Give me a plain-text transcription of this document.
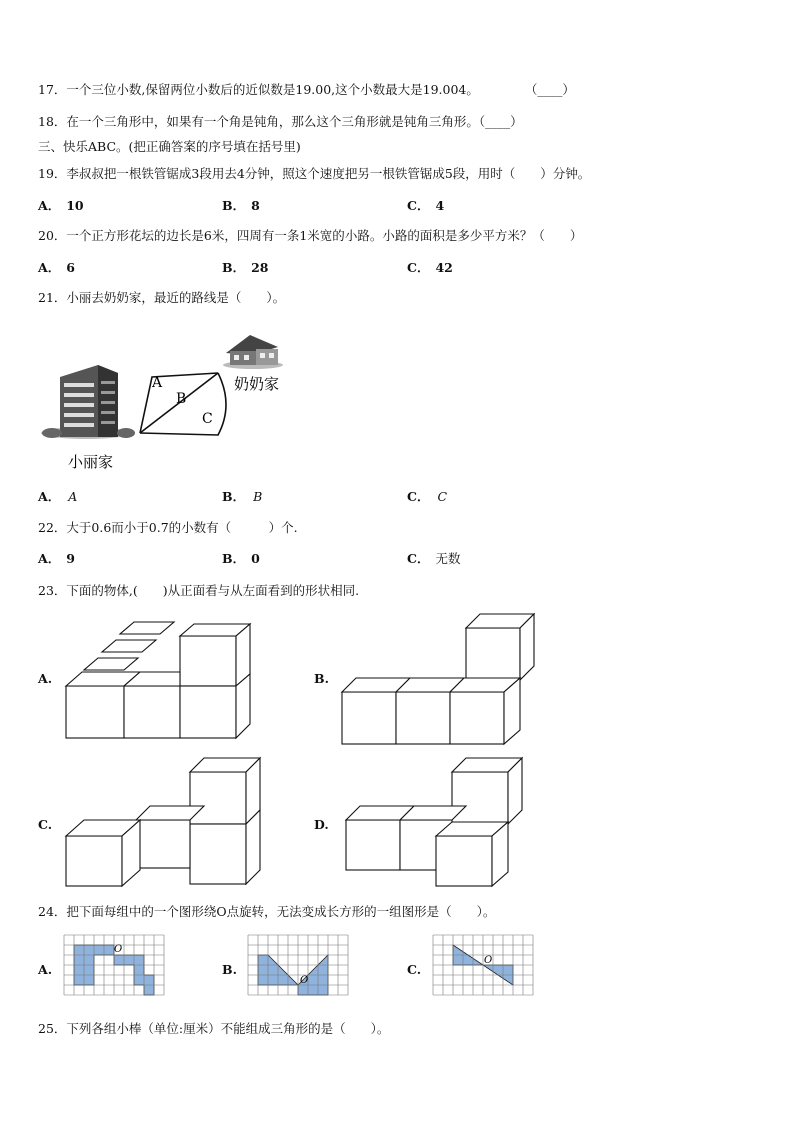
17．一个三位小数,保留两位小数后的近似数是19.00,这个小数最大是19.004。	（____）
18．在一个三角形中，如果有一个角是钝角，那么这个三角形就是钝角三角形。（____）
三、快乐ABC。(把正确答案的序号填在括号里)
19．李叔叔把一根铁管锯成3段用去4分钟，照这个速度把另一根铁管锯成5段，用时（　　）分钟。
A． 10	B． 8	C． 4
20．一个正方形花坛的边长是6米，四周有一条1米宽的小路。小路的面积是多少平方米？（　　）
A． 6	B． 28	C． 42
21．小丽去奶奶家，最近的路线是（　　）。
A
B
C
奶奶家
小丽家
A． A	B． B	C． C
22．大于0.6而小于0.7的小数有（　　　）个.
A． 9	B． 0	C． 无数
23．下面的物体,(　　)从正面看与从左面看到的形状相同.
A.	B.
C.	D.
24．把下面每组中的一个图形绕O点旋转，无法变成长方形的一组图形是（　　）。
A.
O
B.
O
C.
O
25．下列各组小棒（单位:厘米）不能组成三角形的是（　　）。
